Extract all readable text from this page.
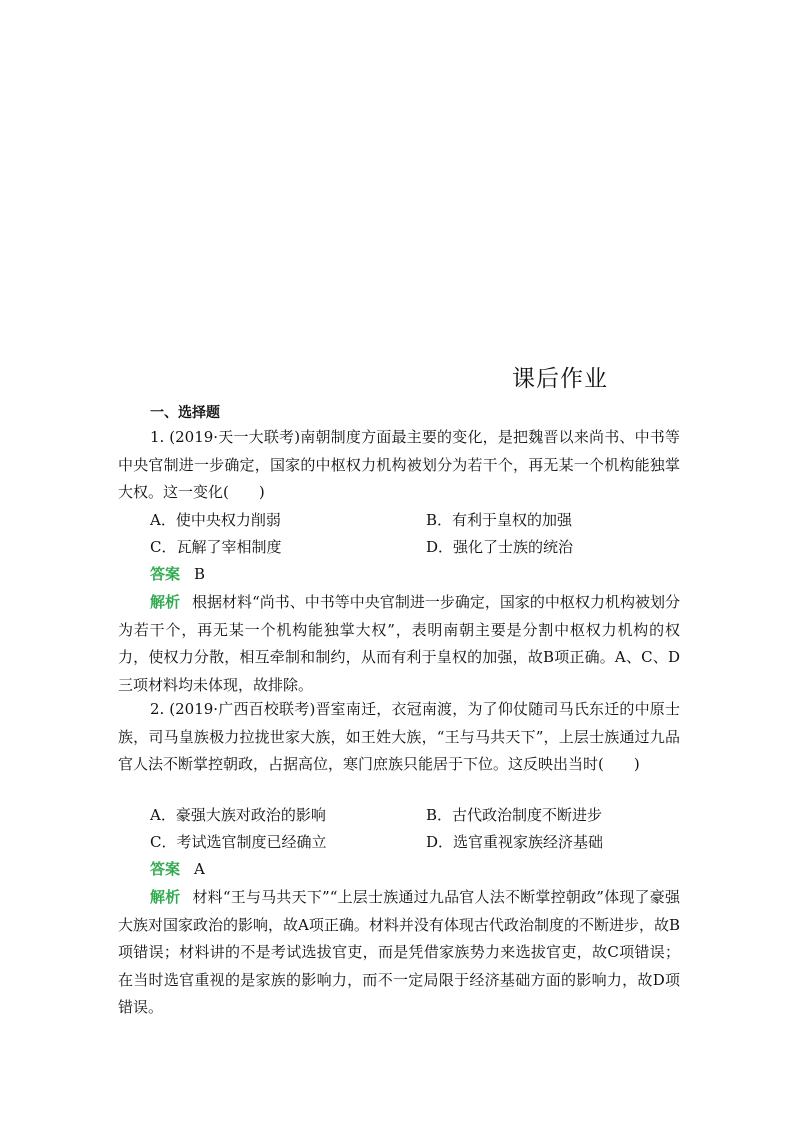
课后作业
一、选择题
1. (2019·天一大联考)南朝制度方面最主要的变化，是把魏晋以来尚书、中书等中央官制进一步确定，国家的中枢权力机构被划分为若干个，再无某一个机构能独掌大权。这一变化(　　)
A．使中央权力削弱	B．有利于皇权的加强
C．瓦解了宰相制度	D．强化了士族的统治
答案 B
解析 根据材料“尚书、中书等中央官制进一步确定，国家的中枢权力机构被划分为若干个，再无某一个机构能独掌大权”，表明南朝主要是分割中枢权力机构的权力，使权力分散，相互牵制和制约，从而有利于皇权的加强，故B项正确。A、C、D三项材料均未体现，故排除。
2. (2019·广西百校联考)晋室南迁，衣冠南渡，为了仰仗随司马氏东迁的中原士族，司马皇族极力拉拢世家大族，如王姓大族，“王与马共天下”，上层士族通过九品官人法不断掌控朝政，占据高位，寒门庶族只能居于下位。这反映出当时(　　)
A．豪强大族对政治的影响	B．古代政治制度不断进步
C．考试选官制度已经确立	D．选官重视家族经济基础
答案 A
解析 材料“王与马共天下”“上层士族通过九品官人法不断掌控朝政”体现了豪强大族对国家政治的影响，故A项正确。材料并没有体现古代政治制度的不断进步，故B项错误；材料讲的不是考试选拔官吏，而是凭借家族势力来选拔官吏，故C项错误；在当时选官重视的是家族的影响力，而不一定局限于经济基础方面的影响力，故D项错误。
